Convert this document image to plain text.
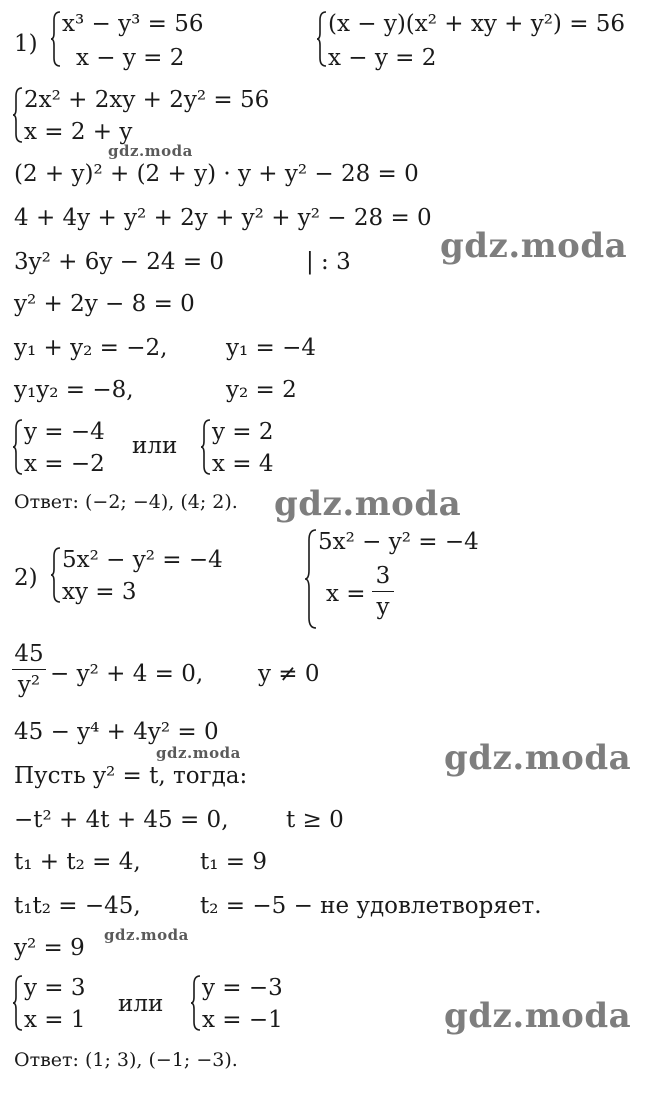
1)
x³ − y³ = 56
x − y = 2
(x − y)(x² + xy + y²) = 56
x − y = 2
2x² + 2xy + 2y² = 56
x = 2 + y
(2 + y)² + (2 + y) · y + y² − 28 = 0
4 + 4y + y² + 2y + y² + y² − 28 = 0
3y² + 6y − 24 = 0	| : 3
y² + 2y − 8 = 0
y₁ + y₂ = −2,	y₁ = −4
y₁y₂ = −8,	y₂ = 2
y = −4
x = −2
или
y = 2
x = 4
Ответ: (−2; −4), (4; 2).
2)
5x² − y² = −4
xy = 3
5x² − y² = −4
x =
3
y
45
y² − y² + 4 = 0, y ≠ 0
45 − y⁴ + 4y² = 0
Пусть y² = t, тогда:
−t² + 4t + 45 = 0, t ≥ 0
t₁ + t₂ = 4,	t₁ = 9
t₁t₂ = −45,	t₂ = −5 − не удовлетворяет.
y² = 9
y = 3
x = 1
или
y = −3
x = −1
Ответ: (1; 3), (−1; −3).
gdz.moda
gdz.moda
gdz.moda
gdz.moda	gdz.moda
gdz.moda
gdz.moda
